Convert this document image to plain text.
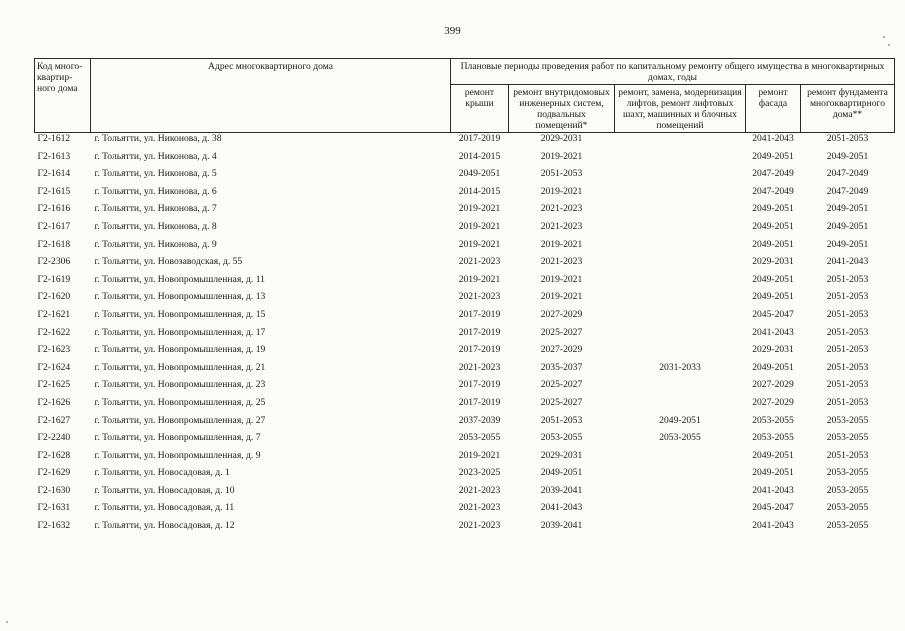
399
Код много-квартир-ного дома	Адрес многоквартирного дома	Плановые периоды проведения работ по капитальному ремонту общего имущества в многоквартирных домах, годы				
		ремонт крыши	ремонт внутридомовых инженерных систем, подвальных помещений*	ремонт, замена, модернизация лифтов, ремонт лифтовых шахт, машинных и блочных помещений	ремонт фасада	ремонт фундамента многоквартирного дома**
Г2-1612	г. Тольятти, ул. Никонова, д. 38	2017-2019	2029-2031		2041-2043	2051-2053
Г2-1613	г. Тольятти, ул. Никонова, д. 4	2014-2015	2019-2021		2049-2051	2049-2051
Г2-1614	г. Тольятти, ул. Никонова, д. 5	2049-2051	2051-2053		2047-2049	2047-2049
Г2-1615	г. Тольятти, ул. Никонова, д. 6	2014-2015	2019-2021		2047-2049	2047-2049
Г2-1616	г. Тольятти, ул. Никонова, д. 7	2019-2021	2021-2023		2049-2051	2049-2051
Г2-1617	г. Тольятти, ул. Никонова, д. 8	2019-2021	2021-2023		2049-2051	2049-2051
Г2-1618	г. Тольятти, ул. Никонова, д. 9	2019-2021	2019-2021		2049-2051	2049-2051
Г2-2306	г. Тольятти, ул. Новозаводская, д. 55	2021-2023	2021-2023		2029-2031	2041-2043
Г2-1619	г. Тольятти, ул. Новопромышленная, д. 11	2019-2021	2019-2021		2049-2051	2051-2053
Г2-1620	г. Тольятти, ул. Новопромышленная, д. 13	2021-2023	2019-2021		2049-2051	2051-2053
Г2-1621	г. Тольятти, ул. Новопромышленная, д. 15	2017-2019	2027-2029		2045-2047	2051-2053
Г2-1622	г. Тольятти, ул. Новопромышленная, д. 17	2017-2019	2025-2027		2041-2043	2051-2053
Г2-1623	г. Тольятти, ул. Новопромышленная, д. 19	2017-2019	2027-2029		2029-2031	2051-2053
Г2-1624	г. Тольятти, ул. Новопромышленная, д. 21	2021-2023	2035-2037	2031-2033	2049-2051	2051-2053
Г2-1625	г. Тольятти, ул. Новопромышленная, д. 23	2017-2019	2025-2027		2027-2029	2051-2053
Г2-1626	г. Тольятти, ул. Новопромышленная, д. 25	2017-2019	2025-2027		2027-2029	2051-2053
Г2-1627	г. Тольятти, ул. Новопромышленная, д. 27	2037-2039	2051-2053	2049-2051	2053-2055	2053-2055
Г2-2240	г. Тольятти, ул. Новопромышленная, д. 7	2053-2055	2053-2055	2053-2055	2053-2055	2053-2055
Г2-1628	г. Тольятти, ул. Новопромышленная, д. 9	2019-2021	2029-2031		2049-2051	2051-2053
Г2-1629	г. Тольятти, ул. Новосадовая, д. 1	2023-2025	2049-2051		2049-2051	2053-2055
Г2-1630	г. Тольятти, ул. Новосадовая, д. 10	2021-2023	2039-2041		2041-2043	2053-2055
Г2-1631	г. Тольятти, ул. Новосадовая, д. 11	2021-2023	2041-2043		2045-2047	2053-2055
Г2-1632	г. Тольятти, ул. Новосадовая, д. 12	2021-2023	2039-2041		2041-2043	2053-2055
